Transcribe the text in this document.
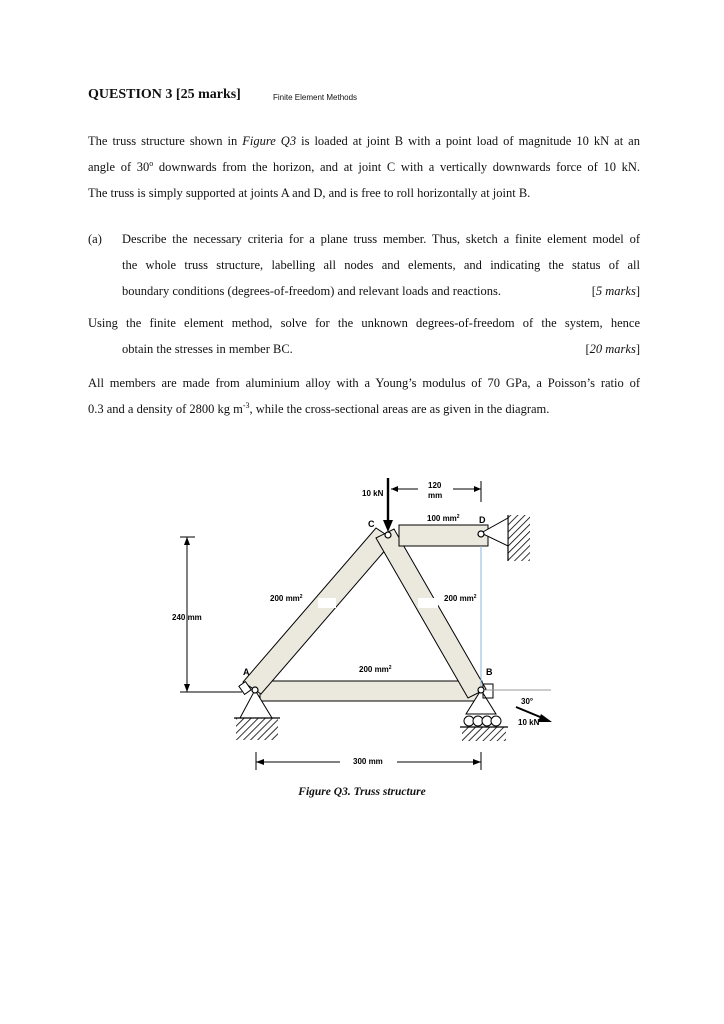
QUESTION 3 [25 marks]	Finite Element Methods
The truss structure shown in Figure Q3 is loaded at joint B with a point load of magnitude 10 kN at an
angle of 30$^o$ downwards from the horizon, and at joint C with a vertically downwards force of 10 kN.
The truss is simply supported at joints A and D, and is free to roll horizontally at joint B.
(a) Describe the necessary criteria for a plane truss member. Thus, sketch a finite element model of
the whole truss structure, labelling all nodes and elements, and indicating the status of all
boundary conditions (degrees-of-freedom) and relevant loads and reactions.	[5 marks]
Using the finite element method, solve for the unknown degrees-of-freedom of the system, hence
obtain the stresses in member BC.	[20 marks]
All members are made from aluminium alloy with a Young’s modulus of 70 GPa, a Poisson’s ratio of
0.3 and a density of 2800 kg $m^{-3}$, while the cross-sectional areas are as given in the diagram.
10 kN
30°
10 kN
A	B
C	D
100 $mm^2$
200 $mm^2$	200 $mm^2$
200 $mm^2$
120
mm
240 mm
300 mm
Figure Q3. Truss structure
